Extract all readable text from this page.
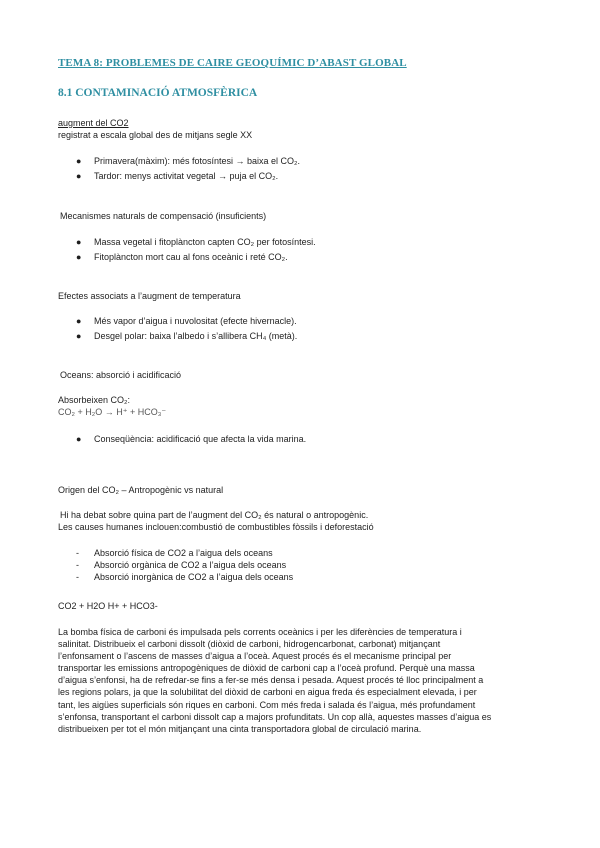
TEMA 8: PROBLEMES DE CAIRE GEOQUÍMIC D’ABAST GLOBAL
8.1 CONTAMINACIÓ ATMOSFÈRICA
augment del CO2
registrat a escala global des de mitjans segle XX
● Primavera(màxim): més fotosíntesi → baixa el CO₂.
● Tardor: menys activitat vegetal → puja el CO₂.
Mecanismes naturals de compensació (insuficients)
● Massa vegetal i fitoplàncton capten CO₂ per fotosíntesi.
● Fitoplàncton mort cau al fons oceànic i reté CO₂.
Efectes associats a l’augment de temperatura
● Més vapor d’aigua i nuvolositat (efecte hivernacle).
● Desgel polar: baixa l’albedo i s’allibera CH₄ (metà).
Oceans: absorció i acidificació
Absorbeixen CO₂:
CO₂ + H₂O → H⁺ + HCO₃⁻
● Conseqüència: acidificació que afecta la vida marina.
Origen del CO₂ – Antropogènic vs natural
Hi ha debat sobre quina part de l’augment del CO₂ és natural o antropogènic.
Les causes humanes inclouen:combustió de combustibles fòssils i deforestació
- Absorció física de CO2 a l’aigua dels oceans
- Absorció orgànica de CO2 a l’aigua dels oceans
- Absorció inorgànica de CO2 a l’aigua dels oceans
CO2 + H2O H+ + HCO3-

La bomba física de carboni és impulsada pels corrents oceànics i per les diferències de temperatura i

salinitat. Distribueix el carboni dissolt (diòxid de carboni, hidrogencarbonat, carbonat) mitjançant

l’enfonsament o l’ascens de masses d’aigua a l’oceà. Aquest procés és el mecanisme principal per

transportar les emissions antropogèniques de diòxid de carboni cap a l’oceà profund. Perquè una massa

d’aigua s’enfonsi, ha de refredar-se fins a fer-se més densa i pesada. Aquest procés té lloc principalment a

les regions polars, ja que la solubilitat del diòxid de carboni en aigua freda és especialment elevada, i per

tant, les aigües superficials són riques en carboni. Com més freda i salada és l’aigua, més profundament

s’enfonsa, transportant el carboni dissolt cap a majors profunditats. Un cop allà, aquestes masses d’aigua es

distribueixen per tot el món mitjançant una cinta transportadora global de circulació marina.
